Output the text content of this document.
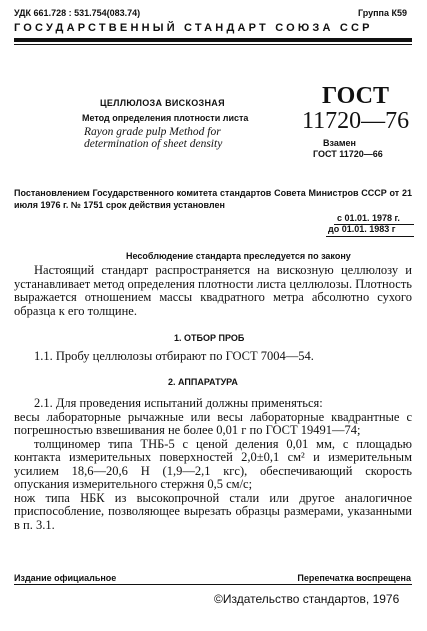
УДК 661.728 : 531.754(083.74)	Группа К59
ГОСУДАРСТВЕННЫЙ СТАНДАРТ СОЮЗА ССР
ЦЕЛЛЮЛОЗА ВИСКОЗНАЯ
Метод определения плотности листа
Rayon grade pulp Method for
determination of sheet density
ГОСТ
11720—76
Взамен
ГОСТ 11720—66
Постановлением Государственного комитета стандартов Совета Министров СССР от 21 июля 1976 г. № 1751 срок действия установлен
с 01.01. 1978 г.
до 01.01. 1983 г
Несоблюдение стандарта преследуется по закону
Настоящий стандарт распространяется на вискозную целлюлозу и устанавливает метод определения плотности листа целлюлозы. Плотность выражается отношением массы квадратного метра абсолютно сухого образца к его толщине.
1. ОТБОР ПРОБ
1.1. Пробу целлюлозы отбирают по ГОСТ 7004—54.
2. АППАРАТУРА
2.1. Для проведения испытаний должны применяться:
весы лабораторные рычажные или весы лабораторные квадрантные с погрешностью взвешивания не более 0,01 г по ГОСТ 19491—74;
толщиномер типа ТНБ-5 с ценой деления 0,01 мм, с площадью контакта измерительных поверхностей 2,0±0,1 см² и измерительным усилием 18,6—20,6 Н (1,9—2,1 кгс), обеспечивающий скорость опускания измерительного стержня 0,5 см/с;
нож типа НБК из высокопрочной стали или другое аналогичное приспособление, позволяющее вырезать образцы размерами, указанными в п. 3.1.
Издание официальное	Перепечатка воспрещена
©Издательство стандартов, 1976
